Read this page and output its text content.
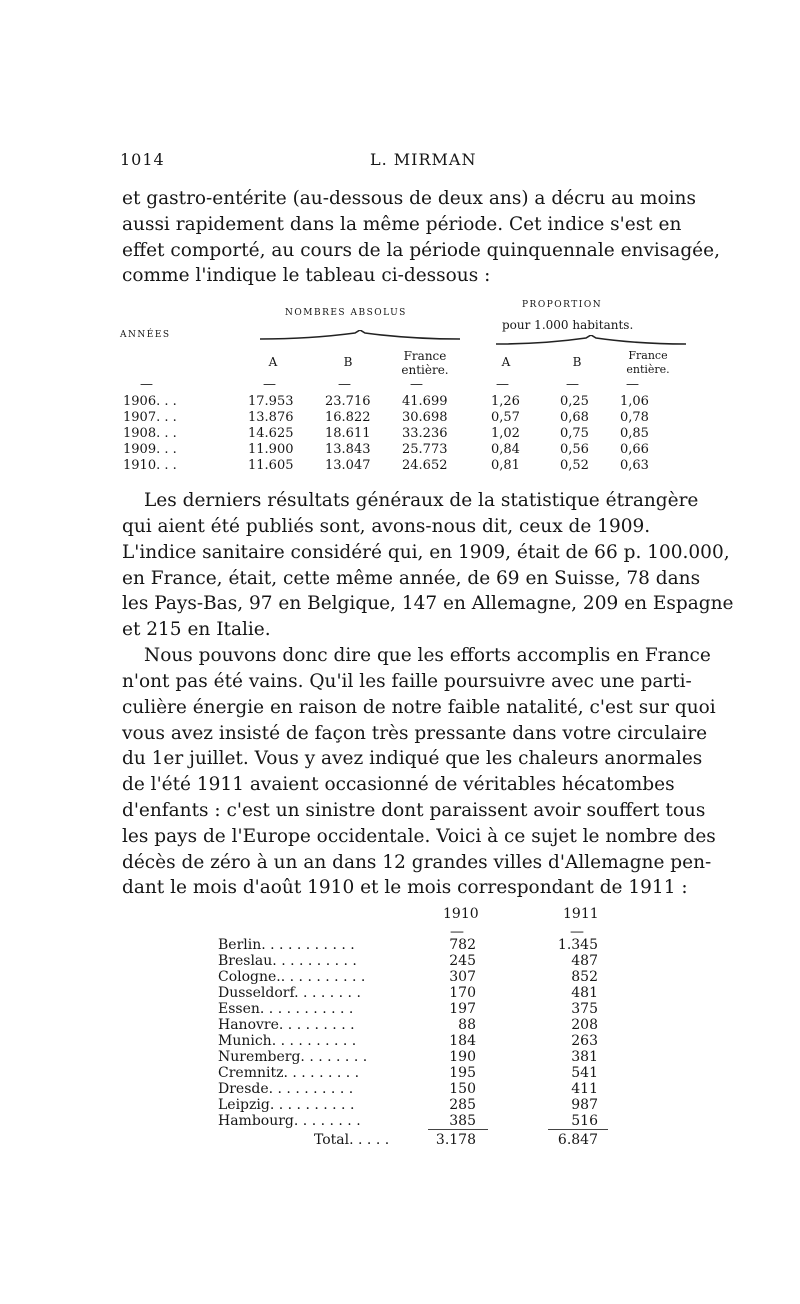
1014	L. MIRMAN
et gastro-entérite (au-dessous de deux ans) a décru au moins
aussi rapidement dans la même période. Cet indice s'est en
effet comporté, au cours de la période quinquennale envisagée,
comme l'indique le tableau ci-dessous :
ANNÉES
NOMBRES ABSOLUS
PROPORTION
pour 1.000 habitants.
A	B	France
entière.
A	B	France
entière.
—	—	—	—	—	—	—
1906. . .	17.953 23.716 41.699	1,26	0,25 1,06
1907. . .	13.876 16.822 30.698	0,57	0,68 0,78
1908. . .	14.625 18.611 33.236	1,02	0,75 0,85
1909. . .	11.900 13.843 25.773	0,84	0,56 0,66
1910. . .	11.605 13.047 24.652	0,81	0,52 0,63
Les derniers résultats généraux de la statistique étrangère
qui aient été publiés sont, avons-nous dit, ceux de 1909.
L'indice sanitaire considéré qui, en 1909, était de 66 p. 100.000,
en France, était, cette même année, de 69 en Suisse, 78 dans
les Pays-Bas, 97 en Belgique, 147 en Allemagne, 209 en Espagne
et 215 en Italie.
Nous pouvons donc dire que les efforts accomplis en France
n'ont pas été vains. Qu'il les faille poursuivre avec une parti-
culière énergie en raison de notre faible natalité, c'est sur quoi
vous avez insisté de façon très pressante dans votre circulaire
du 1er juillet. Vous y avez indiqué que les chaleurs anormales
de l'été 1911 avaient occasionné de véritables hécatombes
d'enfants : c'est un sinistre dont paraissent avoir souffert tous
les pays de l'Europe occidentale. Voici à ce sujet le nombre des
décès de zéro à un an dans 12 grandes villes d'Allemagne pen-
dant le mois d'août 1910 et le mois correspondant de 1911 :
1910	1911
—	—
Berlin. . . . . . . . . . .	782	1.345
Breslau. . . . . . . . . .	245	487
Cologne.. . . . . . . . . .	307	852
Dusseldorf. . . . . . . .	170	481
Essen. . . . . . . . . . .	197	375
Hanovre. . . . . . . . .	88	208
Munich. . . . . . . . . .	184	263
Nuremberg. . . . . . . .	190	381
Cremnitz. . . . . . . . .	195	541
Dresde. . . . . . . . . .	150	411
Leipzig. . . . . . . . . .	285	987
Hambourg. . . . . . . .	385	516
Total. . . . .	3.178	6.847
